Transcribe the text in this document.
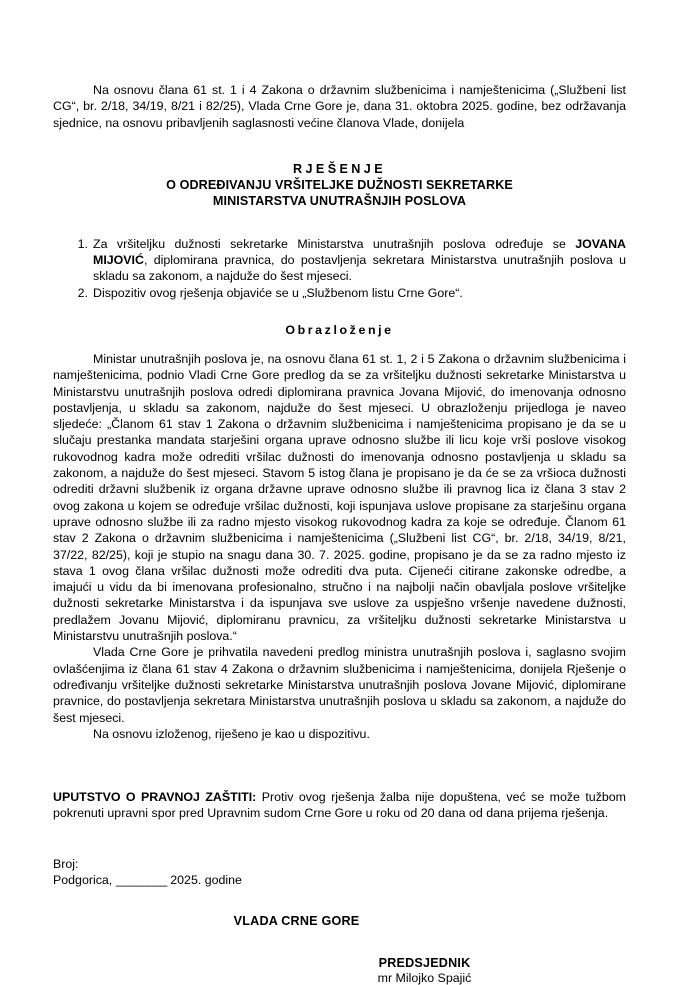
Na osnovu člana 61 st. 1 i 4 Zakona o državnim službenicima i namještenicima („Službeni list CG“, br. 2/18, 34/19, 8/21 i 82/25), Vlada Crne Gore je, dana 31. oktobra 2025. godine, bez održavanja sjednice, na osnovu pribavljenih saglasnosti većine članova Vlade, donijela

RJEŠENJE
O ODREĐIVANJU VRŠITELJKE DUŽNOSTI SEKRETARKE
MINISTARSTVA UNUTRAŠNJIH POSLOVA
Za vršiteljku dužnosti sekretarke Ministarstva unutrašnjih poslova određuje se JOVANA MIJOVIĆ, diplomirana pravnica, do postavljenja sekretara Ministarstva unutrašnjih poslova u skladu sa zakonom, a najduže do šest mjeseci.
Dispozitiv ovog rješenja objaviće se u „Službenom listu Crne Gore“.
Obrazloženje

Ministar unutrašnjih poslova je, na osnovu člana 61 st. 1, 2 i 5 Zakona o državnim službenicima i namještenicima, podnio Vladi Crne Gore predlog da se za vršiteljku dužnosti sekretarke Ministarstva u Ministarstvu unutrašnjih poslova odredi diplomirana pravnica Jovana Mijović, do imenovanja odnosno postavljenja, u skladu sa zakonom, najduže do šest mjeseci. U obrazloženju prijedloga je naveo sljedeće: „Članom 61 stav 1 Zakona o državnim službenicima i namještenicima propisano je da se u slučaju prestanka mandata starješini organa uprave odnosno službe ili licu koje vrši poslove visokog rukovodnog kadra može odrediti vršilac dužnosti do imenovanja odnosno postavljenja u skladu sa zakonom, a najduže do šest mjeseci. Stavom 5 istog člana je propisano je da će se za vršioca dužnosti odrediti državni službenik iz organa državne uprave odnosno službe ili pravnog lica iz člana 3 stav 2 ovog zakona u kojem se određuje vršilac dužnosti, koji ispunjava uslove propisane za starješinu organa uprave odnosno službe ili za radno mjesto visokog rukovodnog kadra za koje se određuje. Članom 61 stav 2 Zakona o državnim službenicima i namještenicima („Službeni list CG“, br. 2/18, 34/19, 8/21, 37/22, 82/25), koji je stupio na snagu dana 30. 7. 2025. godine, propisano je da se za radno mjesto iz stava 1 ovog člana vršilac dužnosti može odrediti dva puta. Cijeneći citirane zakonske odredbe, a imajući u vidu da bi imenovana profesionalno, stručno i na najbolji način obavljala poslove vršiteljke dužnosti sekretarke Ministarstva i da ispunjava sve uslove za uspješno vršenje navedene dužnosti, predlažem Jovanu Mijović, diplomiranu pravnicu, za vršiteljku dužnosti sekretarke Ministarstva u Ministarstvu unutrašnjih poslova.“

Vlada Crne Gore je prihvatila navedeni predlog ministra unutrašnjih poslova i, saglasno svojim ovlašćenjima iz člana 61 stav 4 Zakona o državnim službenicima i namještenicima, donijela Rješenje o određivanju vršiteljke dužnosti sekretarke Ministarstva unutrašnjih poslova Jovane Mijović, diplomirane pravnice, do postavljenja sekretara Ministarstva unutrašnjih poslova u skladu sa zakonom, a najduže do šest mjeseci.

Na osnovu izloženog, riješeno je kao u dispozitivu.

UPUTSTVO O PRAVNOJ ZAŠTITI: Protiv ovog rješenja žalba nije dopuštena, već se može tužbom pokrenuti upravni spor pred Upravnim sudom Crne Gore u roku od 20 dana od dana prijema rješenja.

Broj:
Podgorica, ________ 2025. godine
VLADA CRNE GORE
PREDSJEDNIK
mr Milojko Spajić
